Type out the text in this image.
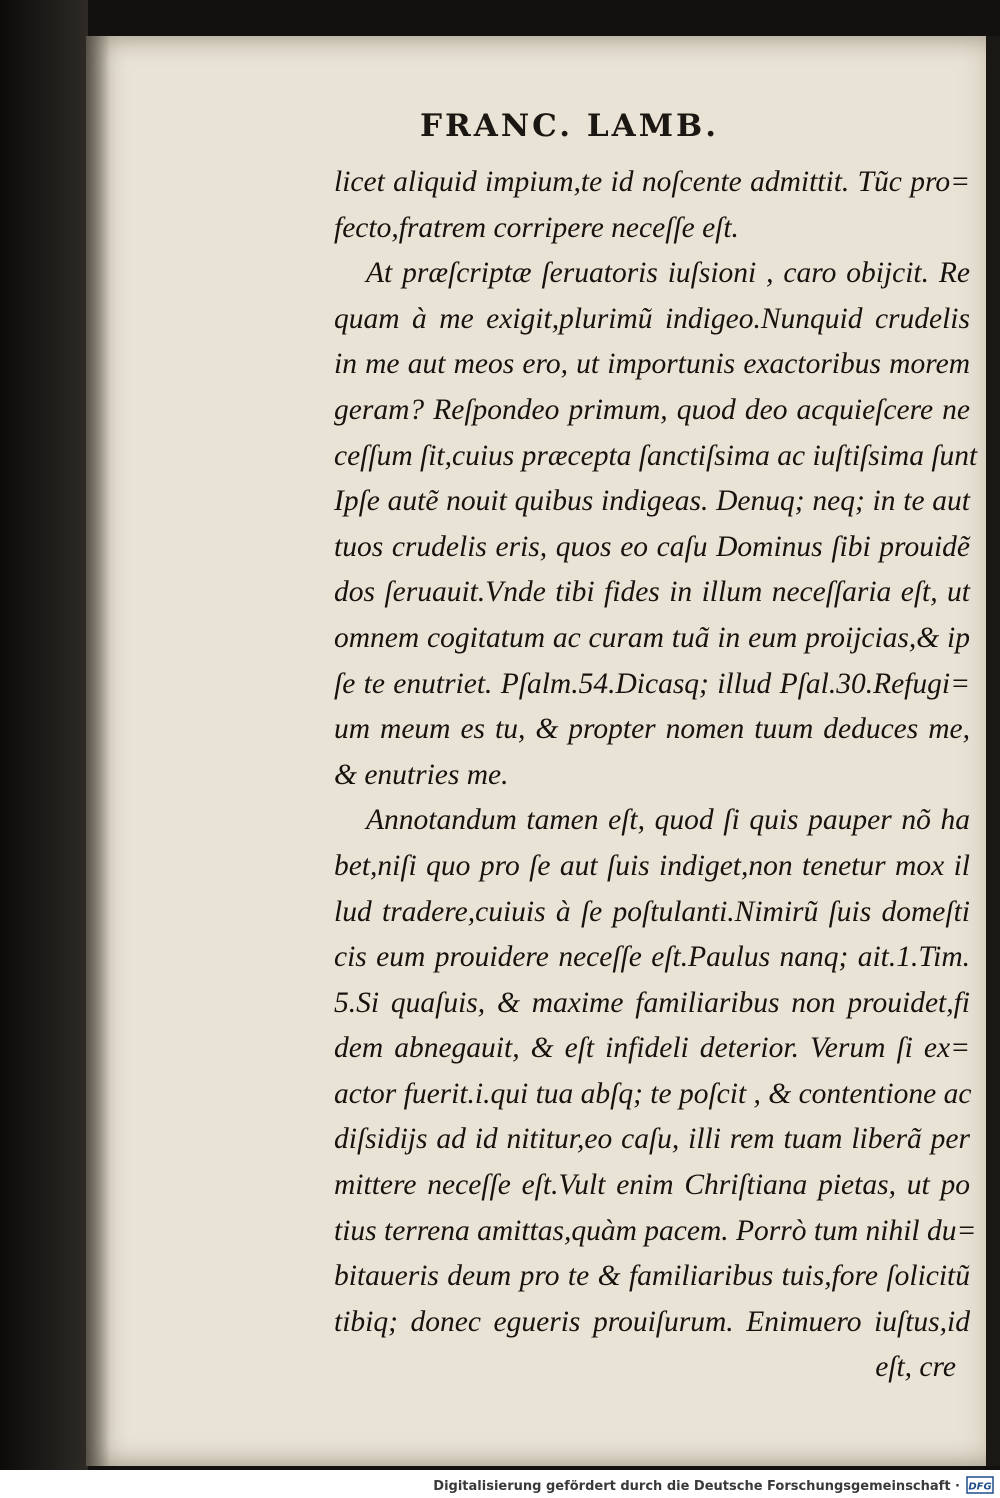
FRANC. LAMB.
licet aliquid impium,te id noſcente admittit. Tũc pro=
fecto,fratrem corripere neceſſe eſt.
At præſcriptæ ſeruatoris iuſsioni , caro obijcit. Re
quam à me exigit,plurimũ indigeo.Nunquid crudelis
in me aut meos ero, ut importunis exactoribus morem
geram? Reſpondeo primum, quod deo acquieſcere ne
ceſſum ſit,cuius præcepta ſanctiſsima ac iuſtiſsima ſunt
Ipſe autẽ nouit quibus indigeas. Denuq; neq; in te aut
tuos crudelis eris, quos eo caſu Dominus ſibi prouidẽ
dos ſeruauit.Vnde tibi fides in illum neceſſaria eſt, ut
omnem cogitatum ac curam tuã in eum proijcias,& ip
ſe te enutriet. Pſalm.54.Dicasq; illud Pſal.30.Refugi=
um meum es tu, & propter nomen tuum deduces me,
& enutries me.
Annotandum tamen eſt, quod ſi quis pauper nõ ha
bet,niſi quo pro ſe aut ſuis indiget,non tenetur mox il
lud tradere,cuiuis à ſe poſtulanti.Nimirũ ſuis domeſti
cis eum prouidere neceſſe eſt.Paulus nanq; ait.1.Tim.
5.Si quaſuis, & maxime familiaribus non prouidet,fi
dem abnegauit, & eſt infideli deterior. Verum ſi ex=
actor fuerit.i.qui tua abſq; te poſcit , & contentione ac
diſsidijs ad id nititur,eo caſu, illi rem tuam liberã per
mittere neceſſe eſt.Vult enim Chriſtiana pietas, ut po
tius terrena amittas,quàm pacem. Porrò tum nihil du=
bitaueris deum pro te & familiaribus tuis,fore ſolicitũ
tibiq; donec egueris prouiſurum. Enimuero iuſtus,id
eſt, cre
Digitalisierung gefördert durch die Deutsche Forschungsgemeinschaft · DFG
